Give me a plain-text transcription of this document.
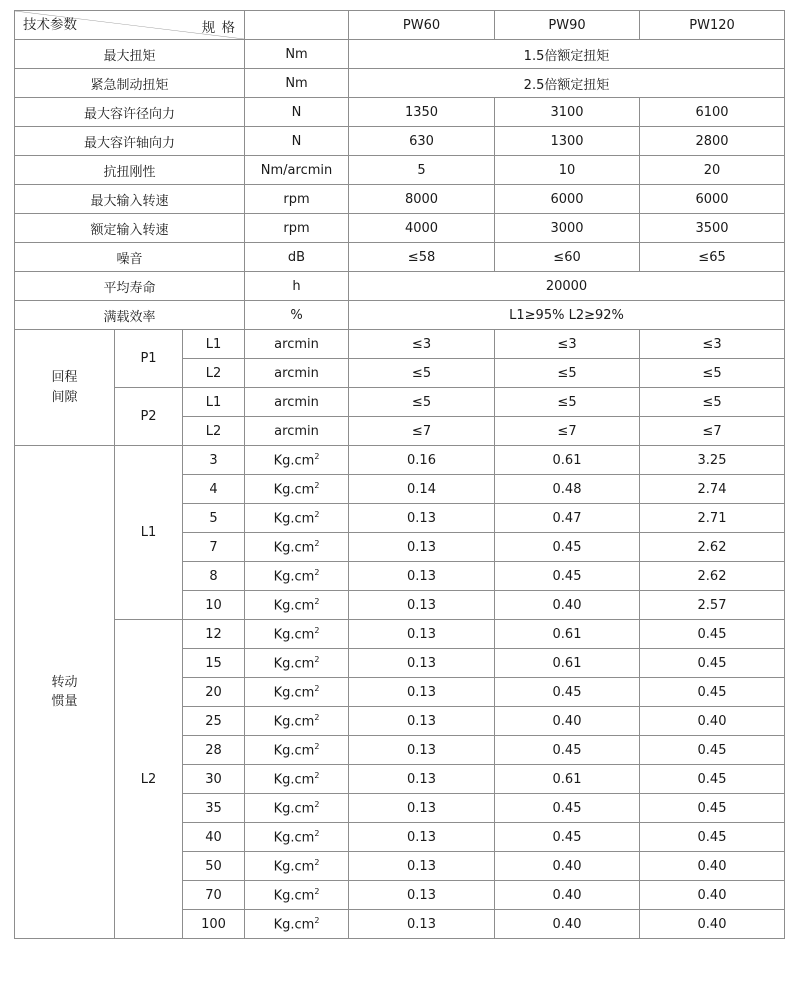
规 格
技术参数				PW60	PW90	PW120
最大扭矩			Nm	1.5倍额定扭矩		
紧急制动扭矩			Nm	2.5倍额定扭矩		
最大容许径向力			N	1350	3100	6100
最大容许轴向力			N	630	1300	2800
抗扭刚性			Nm/arcmin	5	10	20
最大输入转速			rpm	8000	6000	6000
额定输入转速			rpm	4000	3000	3500
噪音			dB	≤58	≤60	≤65
平均寿命			h	20000		
满载效率			%	L1≥95% L2≥92%		

回程
间隙	P1	L1	arcmin	≤3	≤3	≤3
		L2	arcmin	≤5	≤5	≤5
	P2	L1	arcmin	≤5	≤5	≤5
		L2	arcmin	≤7	≤7	≤7

转动
惯量	L1	3	$Kg.cm^2$	0.16	0.61	3.25
		4	$Kg.cm^2$	0.14	0.48	2.74
		5	$Kg.cm^2$	0.13	0.47	2.71
		7	$Kg.cm^2$	0.13	0.45	2.62
		8	$Kg.cm^2$	0.13	0.45	2.62
		10	$Kg.cm^2$	0.13	0.40	2.57
	L2	12	$Kg.cm^2$	0.13	0.61	0.45
		15	$Kg.cm^2$	0.13	0.61	0.45
		20	$Kg.cm^2$	0.13	0.45	0.45
		25	$Kg.cm^2$	0.13	0.40	0.40
		28	$Kg.cm^2$	0.13	0.45	0.45
		30	$Kg.cm^2$	0.13	0.61	0.45
		35	$Kg.cm^2$	0.13	0.45	0.45
		40	$Kg.cm^2$	0.13	0.45	0.45
		50	$Kg.cm^2$	0.13	0.40	0.40
		70	$Kg.cm^2$	0.13	0.40	0.40
		100	$Kg.cm^2$	0.13	0.40	0.40
